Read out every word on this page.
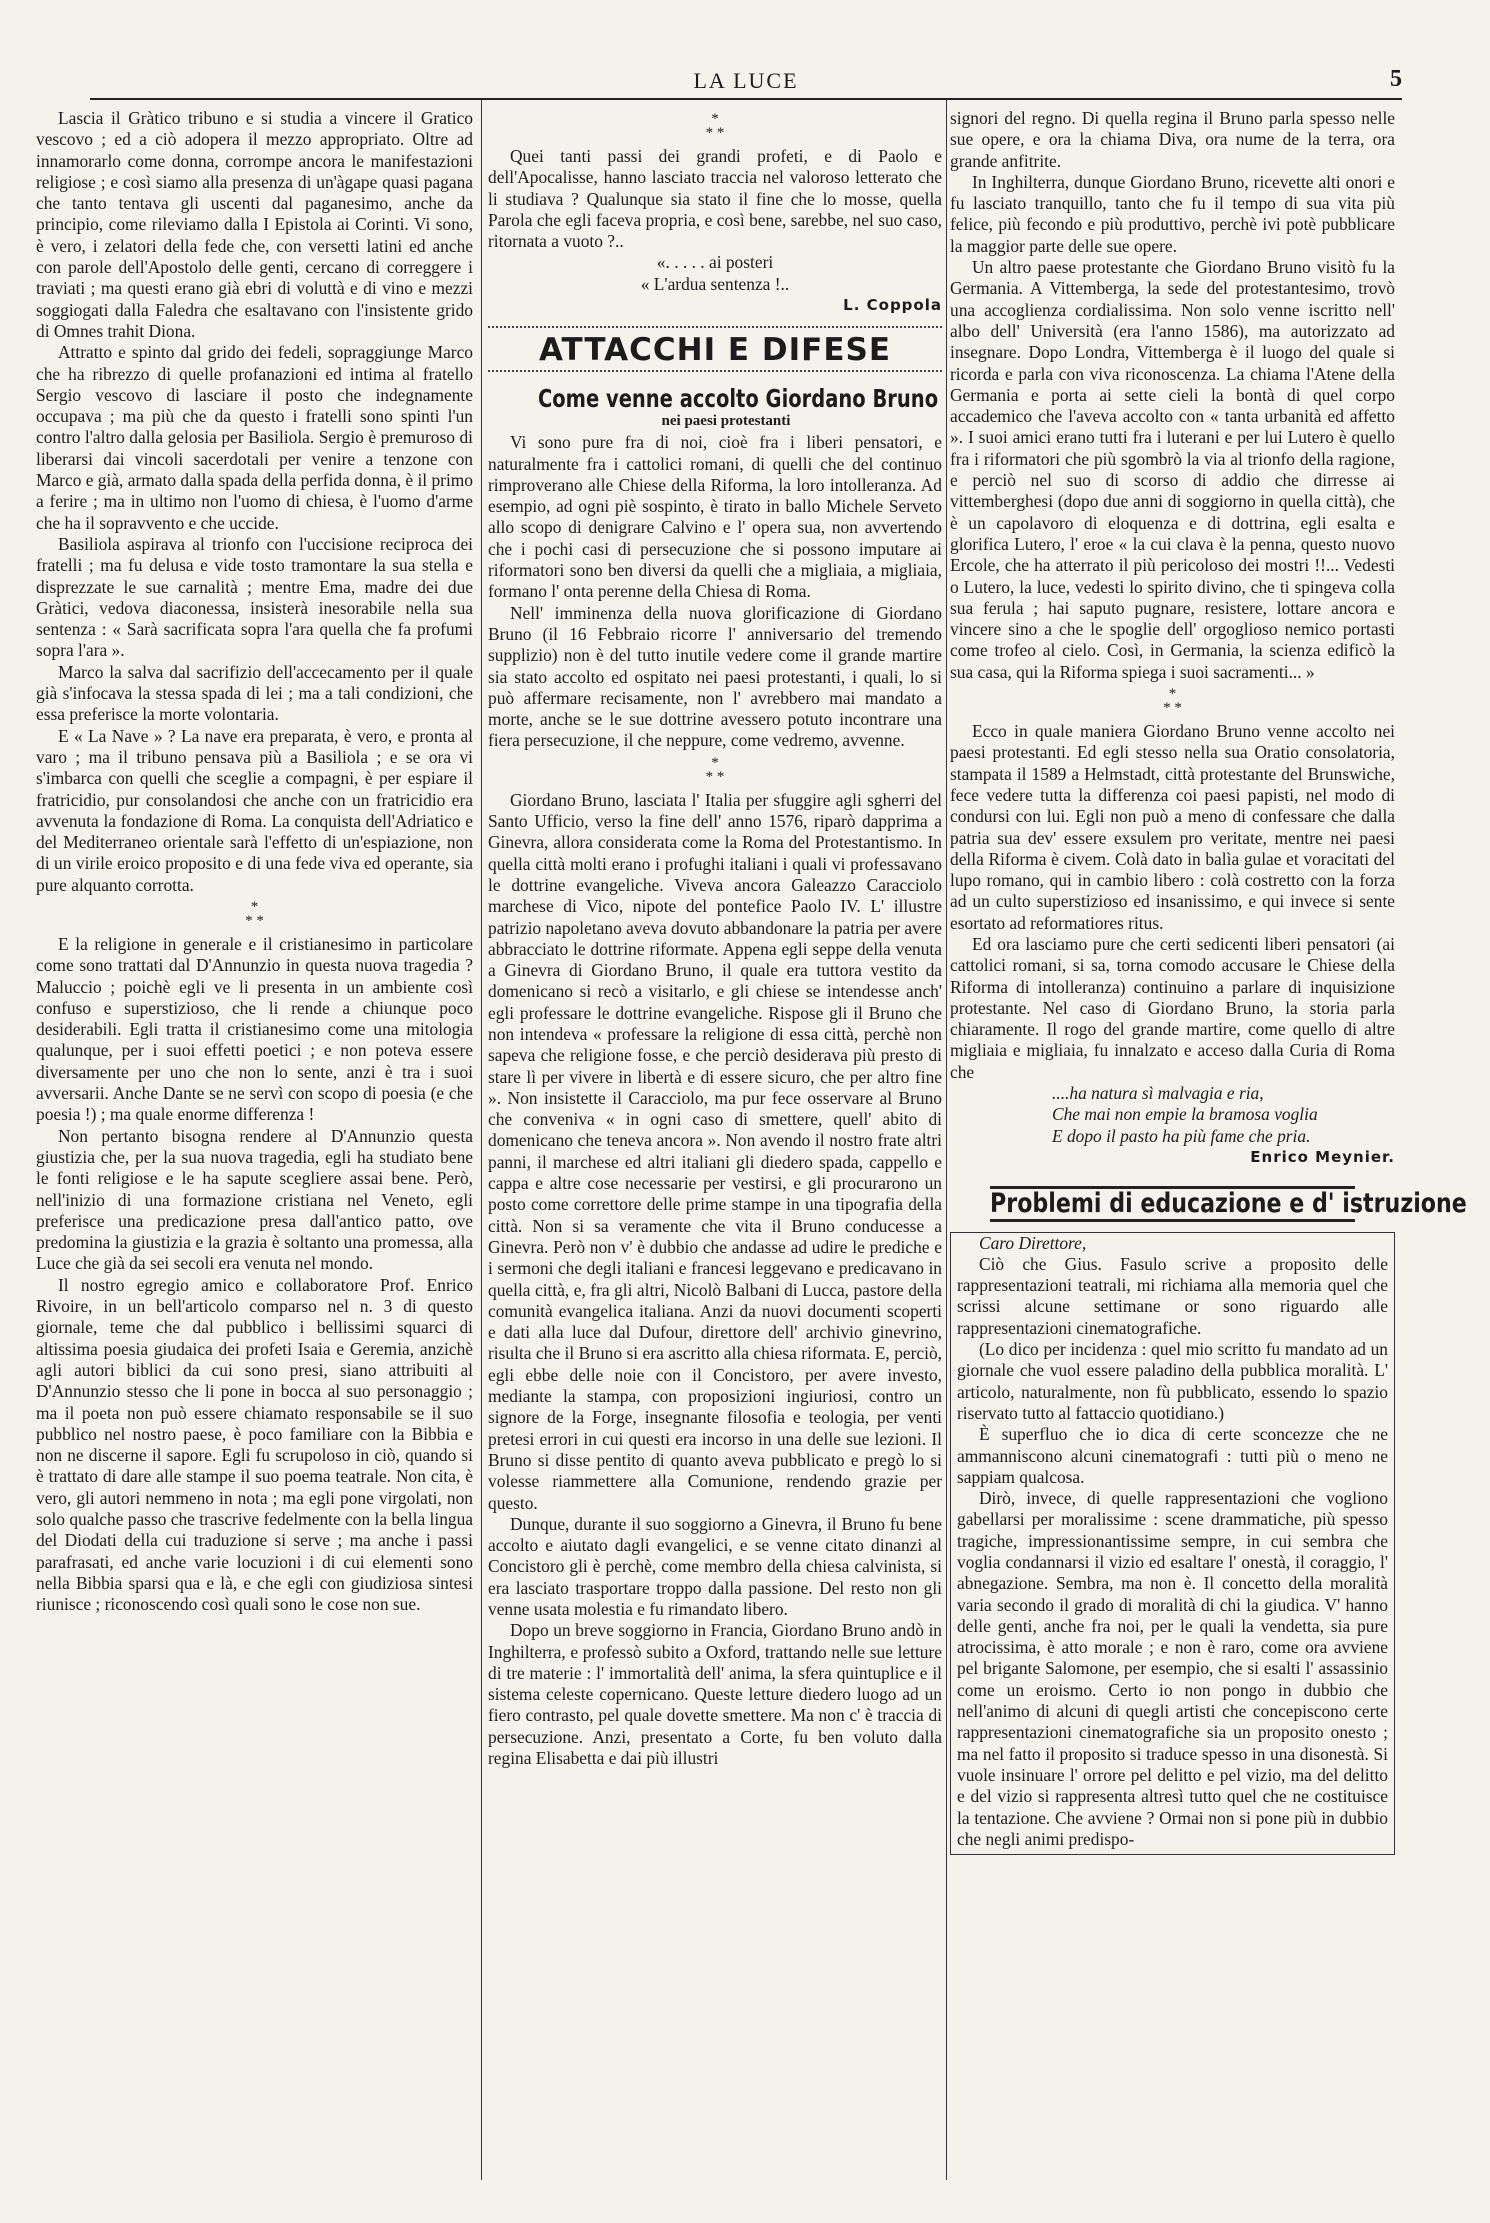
LA LUCE	5

Lascia il Gràtico tribuno e si studia a vincere il Gratico vescovo ; ed a ciò adopera il mezzo appropriato. Oltre ad innamorarlo come donna, corrompe ancora le manifestazioni religiose ; e così siamo alla presenza di un'àgape quasi pagana che tanto tentava gli uscenti dal paganesimo, anche da principio, come rileviamo dalla I Epistola ai Corinti. Vi sono, è vero, i zelatori della fede che, con versetti latini ed anche con parole dell'Apostolo delle genti, cercano di correggere i traviati ; ma questi erano già ebri di voluttà e di vino e mezzi soggiogati dalla Faledra che esaltavano con l'insistente grido di Omnes trahit Diona.

Attratto e spinto dal grido dei fedeli, sopraggiunge Marco che ha ribrezzo di quelle profanazioni ed intima al fratello Sergio vescovo di lasciare il posto che indegnamente occupava ; ma più che da questo i fratelli sono spinti l'un contro l'altro dalla gelosia per Basiliola. Sergio è premuroso di liberarsi dai vincoli sacerdotali per venire a tenzone con Marco e già, armato dalla spada della perfida donna, è il primo a ferire ; ma in ultimo non l'uomo di chiesa, è l'uomo d'arme che ha il sopravvento e che uccide.

Basiliola aspirava al trionfo con l'uccisione reciproca dei fratelli ; ma fu delusa e vide tosto tramontare la sua stella e disprezzate le sue carnalità ; mentre Ema, madre dei due Gràtici, vedova diaconessa, insisterà inesorabile nella sua sentenza : « Sarà sacrificata sopra l'ara quella che fa profumi sopra l'ara ».

Marco la salva dal sacrifizio dell'accecamento per il quale già s'infocava la stessa spada di lei ; ma a tali condizioni, che essa preferisce la morte volontaria.

E « La Nave » ? La nave era preparata, è vero, e pronta al varo ; ma il tribuno pensava più a Basiliola ; e se ora vi s'imbarca con quelli che sceglie a compagni, è per espiare il fratricidio, pur consolandosi che anche con un fratricidio era avvenuta la fondazione di Roma. La conquista dell'Adriatico e del Mediterraneo orientale sarà l'effetto di un'espiazione, non di un virile eroico proposito e di una fede viva ed operante, sia pure alquanto corrotta.

*
* *

E la religione in generale e il cristianesimo in particolare come sono trattati dal D'Annunzio in questa nuova tragedia ? Maluccio ; poichè egli ve li presenta in un ambiente così confuso e superstizioso, che li rende a chiunque poco desiderabili. Egli tratta il cristianesimo come una mitologia qualunque, per i suoi effetti poetici ; e non poteva essere diversamente per uno che non lo sente, anzi è tra i suoi avversarii. Anche Dante se ne servì con scopo di poesia (e che poesia !) ; ma quale enorme differenza !

Non pertanto bisogna rendere al D'Annunzio questa giustizia che, per la sua nuova tragedia, egli ha studiato bene le fonti religiose e le ha sapute scegliere assai bene. Però, nell'inizio di una formazione cristiana nel Veneto, egli preferisce una predicazione presa dall'antico patto, ove predomina la giustizia e la grazia è soltanto una promessa, alla Luce che già da sei secoli era venuta nel mondo.

Il nostro egregio amico e collaboratore Prof. Enrico Rivoire, in un bell'articolo comparso nel n. 3 di questo giornale, teme che dal pubblico i bellissimi squarci di altissima poesia giudaica dei profeti Isaia e Geremia, anzichè agli autori biblici da cui sono presi, siano attribuiti al D'Annunzio stesso che li pone in bocca al suo personaggio ; ma il poeta non può essere chiamato responsabile se il suo pubblico nel nostro paese, è poco familiare con la Bibbia e non ne discerne il sapore. Egli fu scrupoloso in ciò, quando si è trattato di dare alle stampe il suo poema teatrale. Non cita, è vero, gli autori nemmeno in nota ; ma egli pone virgolati, non solo qualche passo che trascrive fedelmente con la bella lingua del Diodati della cui traduzione si serve ; ma anche i passi parafrasati, ed anche varie locuzioni i di cui elementi sono nella Bibbia sparsi qua e là, e che egli con giudiziosa sintesi riunisce ; riconoscendo così quali sono le cose non sue.

*
* *

Quei tanti passi dei grandi profeti, e di Paolo e dell'Apocalisse, hanno lasciato traccia nel valoroso letterato che li studiava ? Qualunque sia stato il fine che lo mosse, quella Parola che egli faceva propria, e così bene, sarebbe, nel suo caso, ritornata a vuoto ?..

«. . . . . ai posteri

« L'ardua sentenza !..

L. Coppola

ATTACCHI E DIFESE
Come venne accolto Giordano Bruno

nei paesi protestanti

Vi sono pure fra di noi, cioè fra i liberi pensatori, e naturalmente fra i cattolici romani, di quelli che del continuo rimproverano alle Chiese della Riforma, la loro intolleranza. Ad esempio, ad ogni piè sospinto, è tirato in ballo Michele Serveto allo scopo di denigrare Calvino e l' opera sua, non avvertendo che i pochi casi di persecuzione che si possono imputare ai riformatori sono ben diversi da quelli che a migliaia, a migliaia, formano l' onta perenne della Chiesa di Roma.

Nell' imminenza della nuova glorificazione di Giordano Bruno (il 16 Febbraio ricorre l' anniversario del tremendo supplizio) non è del tutto inutile vedere come il grande martire sia stato accolto ed ospitato nei paesi protestanti, i quali, lo si può affermare recisamente, non l' avrebbero mai mandato a morte, anche se le sue dottrine avessero potuto incontrare una fiera persecuzione, il che neppure, come vedremo, avvenne.

*
* *

Giordano Bruno, lasciata l' Italia per sfuggire agli sgherri del Santo Ufficio, verso la fine dell' anno 1576, riparò dapprima a Ginevra, allora considerata come la Roma del Protestantismo. In quella città molti erano i profughi italiani i quali vi professavano le dottrine evangeliche. Viveva ancora Galeazzo Caracciolo marchese di Vico, nipote del pontefice Paolo IV. L' illustre patrizio napoletano aveva dovuto abbandonare la patria per avere abbracciato le dottrine riformate. Appena egli seppe della venuta a Ginevra di Giordano Bruno, il quale era tuttora vestito da domenicano si recò a visitarlo, e gli chiese se intendesse anch' egli professare le dottrine evangeliche. Rispose gli il Bruno che non intendeva « professare la religione di essa città, perchè non sapeva che religione fosse, e che perciò desiderava più presto di stare lì per vivere in libertà e di essere sicuro, che per altro fine ». Non insistette il Caracciolo, ma pur fece osservare al Bruno che conveniva « in ogni caso di smettere, quell' abito di domenicano che teneva ancora ». Non avendo il nostro frate altri panni, il marchese ed altri italiani gli diedero spada, cappello e cappa e altre cose necessarie per vestirsi, e gli procurarono un posto come correttore delle prime stampe in una tipografia della città. Non si sa veramente che vita il Bruno conducesse a Ginevra. Però non v' è dubbio che andasse ad udire le prediche e i sermoni che degli italiani e francesi leggevano e predicavano in quella città, e, fra gli altri, Nicolò Balbani di Lucca, pastore della comunità evangelica italiana. Anzi da nuovi documenti scoperti e dati alla luce dal Dufour, direttore dell' archivio ginevrino, risulta che il Bruno si era ascritto alla chiesa riformata. E, perciò, egli ebbe delle noie con il Concistoro, per avere investo, mediante la stampa, con proposizioni ingiuriosi, contro un signore de la Forge, insegnante filosofia e teologia, per venti pretesi errori in cui questi era incorso in una delle sue lezioni. Il Bruno si disse pentito di quanto aveva pubblicato e pregò lo si volesse riammettere alla Comunione, rendendo grazie per questo.

Dunque, durante il suo soggiorno a Ginevra, il Bruno fu bene accolto e aiutato dagli evangelici, e se venne citato dinanzi al Concistoro gli è perchè, come membro della chiesa calvinista, si era lasciato trasportare troppo dalla passione. Del resto non gli venne usata molestia e fu rimandato libero.

Dopo un breve soggiorno in Francia, Giordano Bruno andò in Inghilterra, e professò subito a Oxford, trattando nelle sue letture di tre materie : l' immortalità dell' anima, la sfera quintuplice e il sistema celeste copernicano. Queste letture diedero luogo ad un fiero contrasto, pel quale dovette smettere. Ma non c' è traccia di persecuzione. Anzi, presentato a Corte, fu ben voluto dalla regina Elisabetta e dai più illustri

signori del regno. Di quella regina il Bruno parla spesso nelle sue opere, e ora la chiama Diva, ora nume de la terra, ora grande anfitrite.

In Inghilterra, dunque Giordano Bruno, ricevette alti onori e fu lasciato tranquillo, tanto che fu il tempo di sua vita più felice, più fecondo e più produttivo, perchè ivi potè pubblicare la maggior parte delle sue opere.

Un altro paese protestante che Giordano Bruno visitò fu la Germania. A Vittemberga, la sede del protestantesimo, trovò una accoglienza cordialissima. Non solo venne iscritto nell' albo dell' Università (era l'anno 1586), ma autorizzato ad insegnare. Dopo Londra, Vittemberga è il luogo del quale si ricorda e parla con viva riconoscenza. La chiama l'Atene della Germania e porta ai sette cieli la bontà di quel corpo accademico che l'aveva accolto con « tanta urbanità ed affetto ». I suoi amici erano tutti fra i luterani e per lui Lutero è quello fra i riformatori che più sgombrò la via al trionfo della ragione, e perciò nel suo di scorso di addio che dirresse ai vittemberghesi (dopo due anni di soggiorno in quella città), che è un capolavoro di eloquenza e di dottrina, egli esalta e glorifica Lutero, l' eroe « la cui clava è la penna, questo nuovo Ercole, che ha atterrato il più pericoloso dei mostri !!... Vedesti o Lutero, la luce, vedesti lo spirito divino, che ti spingeva colla sua ferula ; hai saputo pugnare, resistere, lottare ancora e vincere sino a che le spoglie dell' orgoglioso nemico portasti come trofeo al cielo. Così, in Germania, la scienza edificò la sua casa, qui la Riforma spiega i suoi sacramenti... »

*
* *

Ecco in quale maniera Giordano Bruno venne accolto nei paesi protestanti. Ed egli stesso nella sua Oratio consolatoria, stampata il 1589 a Helmstadt, città protestante del Brunswiche, fece vedere tutta la differenza coi paesi papisti, nel modo di condursi con lui. Egli non può a meno di confessare che dalla patria sua dev' essere exsulem pro veritate, mentre nei paesi della Riforma è civem. Colà dato in balìa gulae et voracitati del lupo romano, qui in cambio libero : colà costretto con la forza ad un culto superstizioso ed insanissimo, e qui invece si sente esortato ad reformatiores ritus.

Ed ora lasciamo pure che certi sedicenti liberi pensatori (ai cattolici romani, si sa, torna comodo accusare le Chiese della Riforma di intolleranza) continuino a parlare di inquisizione protestante. Nel caso di Giordano Bruno, la storia parla chiaramente. Il rogo del grande martire, come quello di altre migliaia e migliaia, fu innalzato e acceso dalla Curia di Roma che

....ha natura sì malvagia e ria,

Che mai non empie la bramosa voglia

E dopo il pasto ha più fame che pria.

Enrico Meynier.

Problemi di educazione e d' istruzione

Caro Direttore,

Ciò che Gius. Fasulo scrive a proposito delle rappresentazioni teatrali, mi richiama alla memoria quel che scrissi alcune settimane or sono riguardo alle rappresentazioni cinematografiche.

(Lo dico per incidenza : quel mio scritto fu mandato ad un giornale che vuol essere paladino della pubblica moralità. L' articolo, naturalmente, non fù pubblicato, essendo lo spazio riservato tutto al fattaccio quotidiano.)

È superfluo che io dica di certe sconcezze che ne ammanniscono alcuni cinematografi : tutti più o meno ne sappiam qualcosa.

Dirò, invece, di quelle rappresentazioni che vogliono gabellarsi per moralissime : scene drammatiche, più spesso tragiche, impressionantissime sempre, in cui sembra che voglia condannarsi il vizio ed esaltare l' onestà, il coraggio, l' abnegazione. Sembra, ma non è. Il concetto della moralità varia secondo il grado di moralità di chi la giudica. V' hanno delle genti, anche fra noi, per le quali la vendetta, sia pure atrocissima, è atto morale ; e non è raro, come ora avviene pel brigante Salomone, per esempio, che si esalti l' assassinio come un eroismo. Certo io non pongo in dubbio che nell'animo di alcuni di quegli artisti che concepiscono certe rappresentazioni cinematografiche sia un proposito onesto ; ma nel fatto il proposito si traduce spesso in una disonestà. Si vuole insinuare l' orrore pel delitto e pel vizio, ma del delitto e del vizio si rappresenta altresì tutto quel che ne costituisce la tentazione. Che avviene ? Ormai non si pone più in dubbio che negli animi predispo-
